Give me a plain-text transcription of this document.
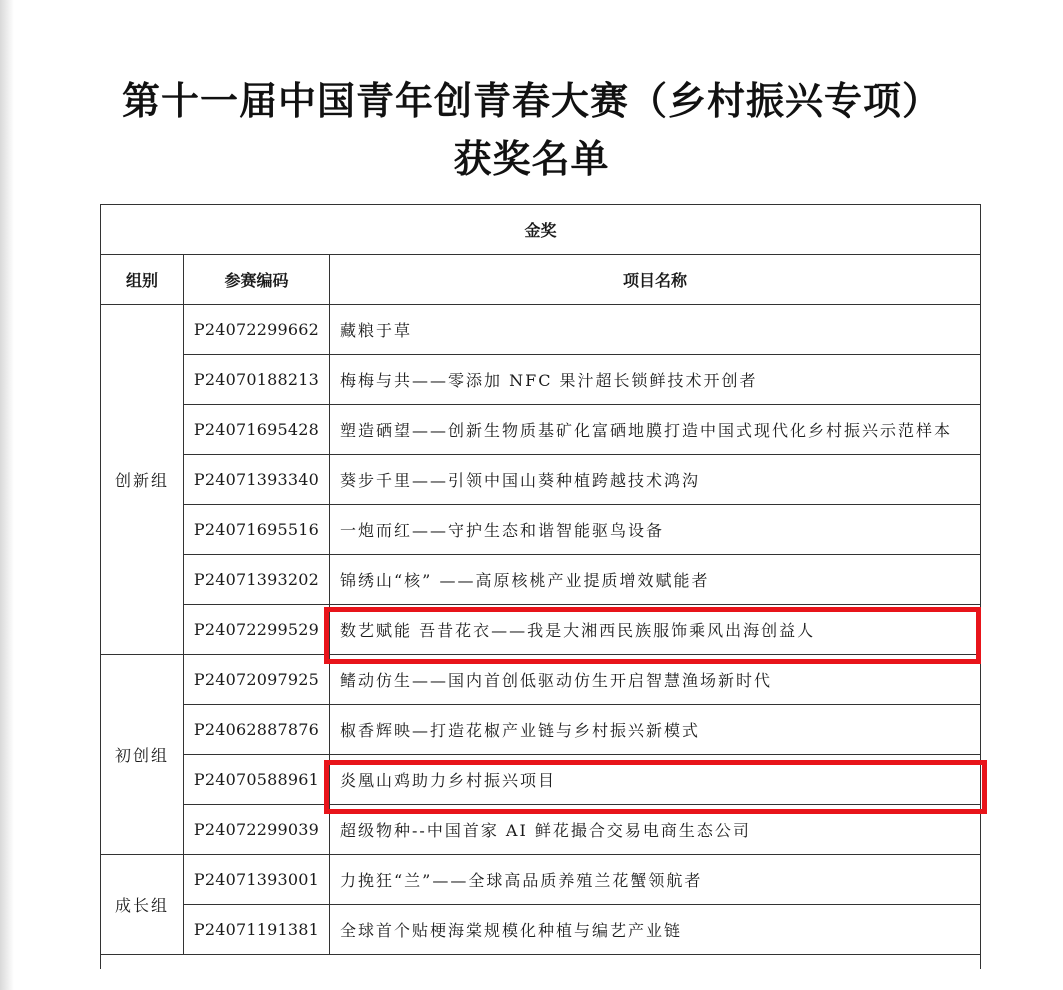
第十一届中国青年创青春大赛（乡村振兴专项）
获奖名单
金奖		
组别	参赛编码	项目名称
创新组	P24072299662	藏粮于草
	P24070188213	梅梅与共——零添加 NFC 果汁超长锁鲜技术开创者
	P24071695428	塑造硒望——创新生物质基矿化富硒地膜打造中国式现代化乡村振兴示范样本
	P24071393340	葵步千里——引领中国山葵种植跨越技术鸿沟
	P24071695516	一炮而红——守护生态和谐智能驱鸟设备
	P24071393202	锦绣山“核” ——高原核桃产业提质增效赋能者
	P24072299529	数艺赋能 吾昔花衣——我是大湘西民族服饰乘风出海创益人
初创组	P24072097925	鳍动仿生——国内首创低驱动仿生开启智慧渔场新时代
	P24062887876	椒香辉映—打造花椒产业链与乡村振兴新模式
	P24070588961	炎凰山鸡助力乡村振兴项目
	P24072299039	超级物种--中国首家 AI 鲜花撮合交易电商生态公司
成长组	P24071393001	力挽狂“兰”——全球高品质养殖兰花蟹领航者
	P24071191381	全球首个贴梗海棠规模化种植与编艺产业链
